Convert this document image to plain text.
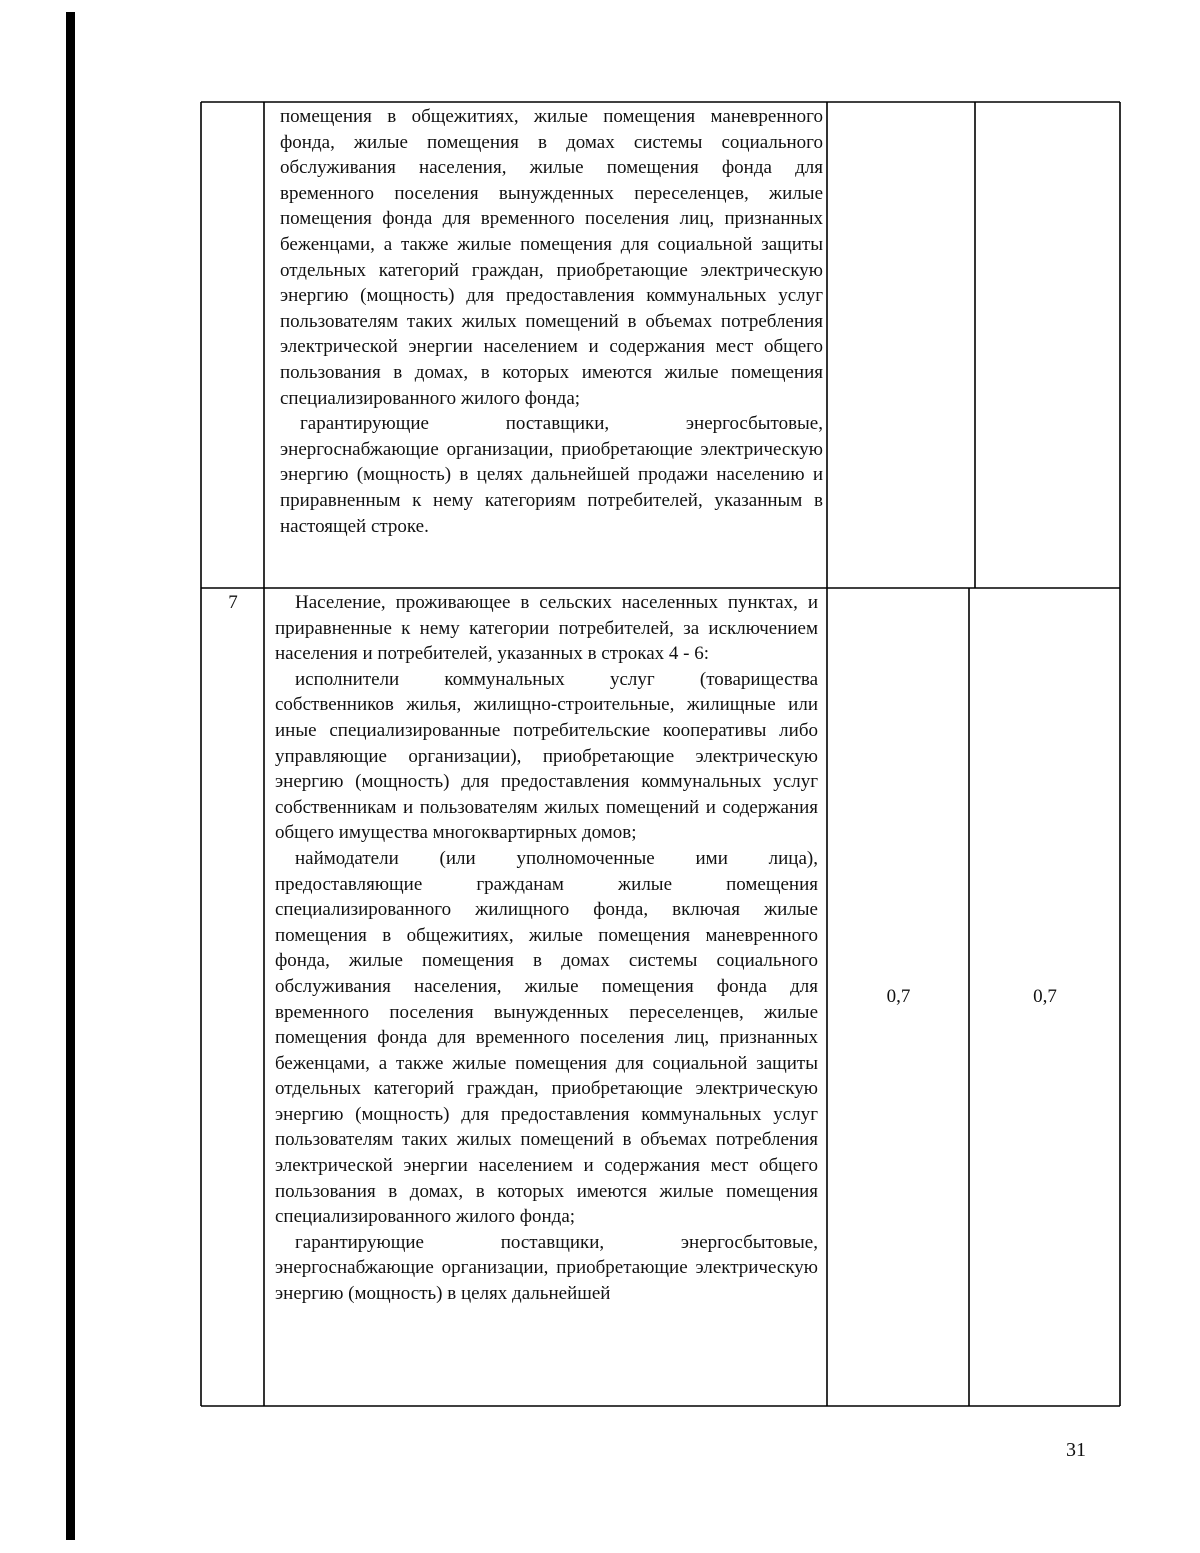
помещения в общежитиях, жилые помещения маневренного фонда, жилые помещения в домах системы социального обслуживания населения, жилые помещения фонда для временного поселения вынужденных переселенцев, жилые помещения фонда для временного поселения лиц, признанных беженцами, а также жилые помещения для социальной защиты отдельных категорий граждан, приобретающие электрическую энергию (мощность) для предоставления коммунальных услуг пользователям таких жилых помещений в объемах потребления электрической энергии населением и содержания мест общего пользования в домах, в которых имеются жилые помещения специализированного жилого фонда;
гарантирующие поставщики, энергосбытовые, энергоснабжающие организации, приобретающие электрическую энергию (мощность) в целях дальнейшей продажи населению и приравненным к нему категориям потребителей, указанным в настоящей строке.
7	Население, проживающее в сельских населенных пунктах, и приравненные к нему категории потребителей, за исключением населения и потребителей, указанных в строках 4 - 6:
исполнители коммунальных услуг (товарищества собственников жилья, жилищно-строительные, жилищные или иные специализированные потребительские кооперативы либо управляющие организации), приобретающие электрическую энергию (мощность) для предоставления коммунальных услуг собственникам и пользователям жилых помещений и содержания общего имущества многоквартирных домов;
наймодатели (или уполномоченные ими лица), предоставляющие гражданам жилые помещения специализированного жилищного фонда, включая жилые помещения в общежитиях, жилые помещения маневренного фонда, жилые помещения в домах системы социального обслуживания населения, жилые помещения фонда для временного поселения вынужденных переселенцев, жилые помещения фонда для временного поселения лиц, признанных беженцами, а также жилые помещения для социальной защиты отдельных категорий граждан, приобретающие электрическую энергию (мощность) для предоставления коммунальных услуг пользователям таких жилых помещений в объемах потребления электрической энергии населением и содержания мест общего пользования в домах, в которых имеются жилые помещения специализированного жилого фонда;
гарантирующие поставщики, энергосбытовые, энергоснабжающие организации, приобретающие электрическую энергию (мощность) в целях дальнейшей
0,7	0,7
31
